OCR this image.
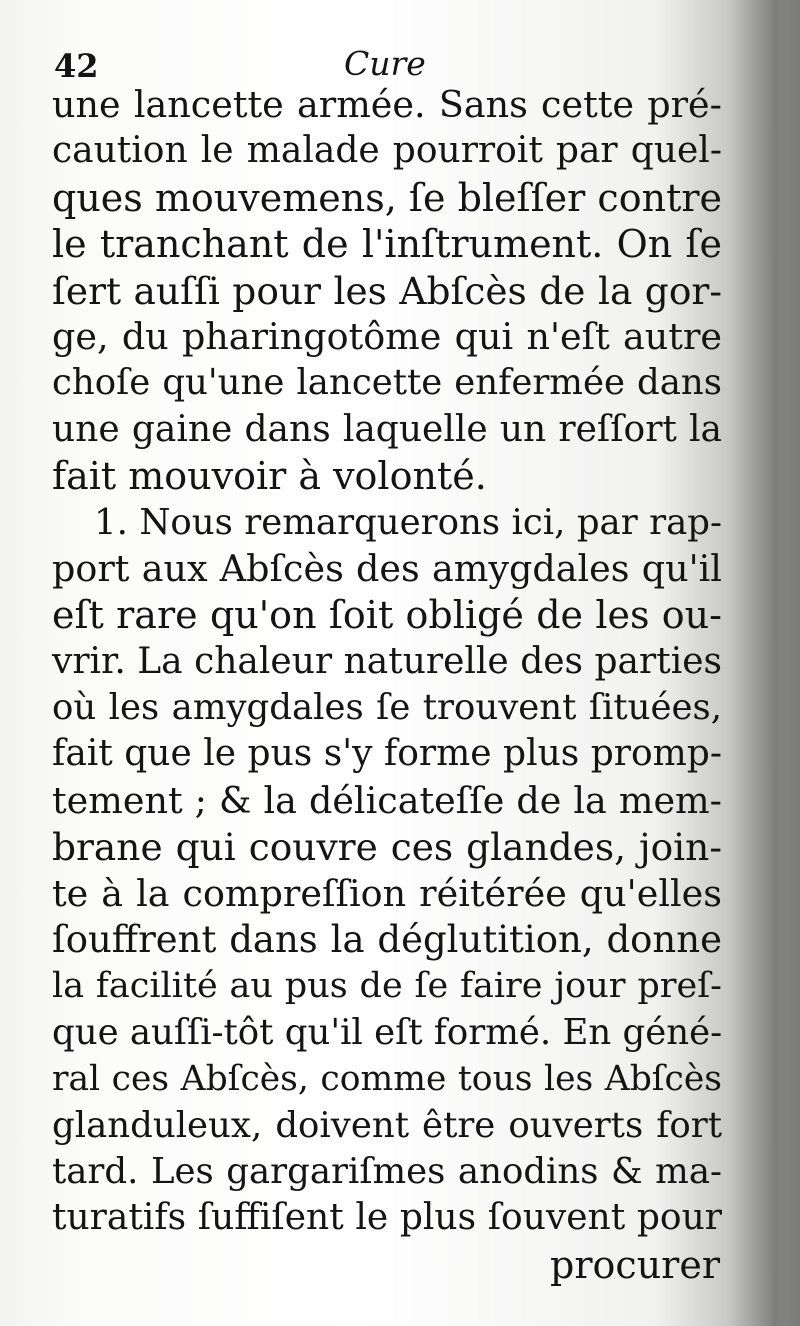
42	Cure
une lancette armée. Sans cette pré-
caution le malade pourroit par quel-
ques mouvemens, ſe bleſſer contre
le tranchant de l'inſtrument. On ſe
ſert auſſi pour les Abſcès de la gor-
ge, du pharingotôme qui n'eſt autre
choſe qu'une lancette enfermée dans
une gaine dans laquelle un reſſort la
fait mouvoir à volonté.
1. Nous remarquerons ici, par rap-
port aux Abſcès des amygdales qu'il
eſt rare qu'on ſoit obligé de les ou-
vrir. La chaleur naturelle des parties
où les amygdales ſe trouvent ſituées,
fait que le pus s'y forme plus promp-
tement ; & la délicateſſe de la mem-
brane qui couvre ces glandes, join-
te à la compreſſion réitérée qu'elles
ſouffrent dans la déglutition, donne
la facilité au pus de ſe faire jour preſ-
que auſſi-tôt qu'il eſt formé. En géné-
ral ces Abſcès, comme tous les Abſcès
glanduleux, doivent être ouverts fort
tard. Les gargariſmes anodins & ma-
turatifs ſuffiſent le plus ſouvent pour
procurer
